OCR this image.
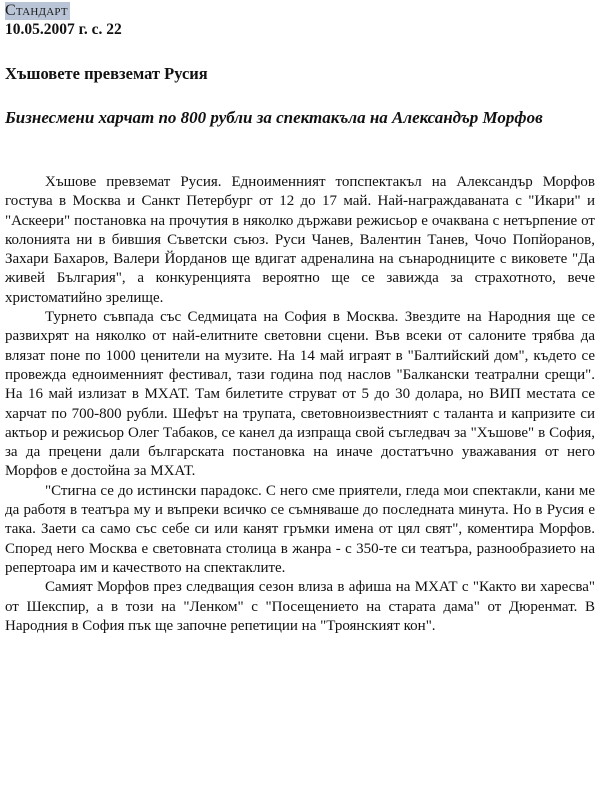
Стандарт
10.05.2007 г. с. 22
Хъшовете превземат Русия
Бизнесмени харчат по 800 рубли за спектакъла на Александър Морфов

Хъшове превземат Русия. Едноименният топспектакъл на Александър Морфов гостува в Москва и Санкт Петербург от 12 до 17 май. Най-награждаваната с "Икари" и "Аскеери" постановка на прочутия в няколко държави режисьор е очаквана с нетърпение от колонията ни в бившия Съветски съюз. Руси Чанев, Валентин Танев, Чочо Попйоранов, Захари Бахаров, Валери Йорданов ще вдигат адреналина на сънародниците с виковете "Да живей България", а конкуренцията вероятно ще се завижда за страхотното, вече христоматийно зрелище.

Турнето съвпада със Седмицата на София в Москва. Звездите на Народния ще се развихрят на няколко от най-елитните световни сцени. Във всеки от салоните трябва да влязат поне по 1000 ценители на музите. На 14 май играят в "Балтийский дом", където се провежда едноименният фестивал, тази година под наслов "Балкански театрални срещи". На 16 май излизат в МХАТ. Там билетите струват от 5 до 30 долара, но ВИП местата се харчат по 700-800 рубли. Шефът на трупата, световноизвестният с таланта и капризите си актьор и режисьор Олег Табаков, се канел да изпраща свой съгледвач за "Хъшове" в София, за да прецени дали българската постановка на иначе достатъчно уважавания от него Морфов е достойна за МХАТ.

"Стигна се до истински парадокс. С него сме приятели, гледа мои спектакли, кани ме да работя в театъра му и въпреки всичко се съмняваше до последната минута. Но в Русия е така. Заети са само със себе си или канят гръмки имена от цял свят", коментира Морфов. Според него Москва е световната столица в жанра - с 350-те си театъра, разнообразието на репертоара им и качеството на спектаклите.

Самият Морфов през следващия сезон влиза в афиша на МХАТ с "Както ви харесва" от Шекспир, а в този на "Ленком" с "Посещението на старата дама" от Дюренмат. В Народния в София пък ще започне репетиции на "Троянският кон".
